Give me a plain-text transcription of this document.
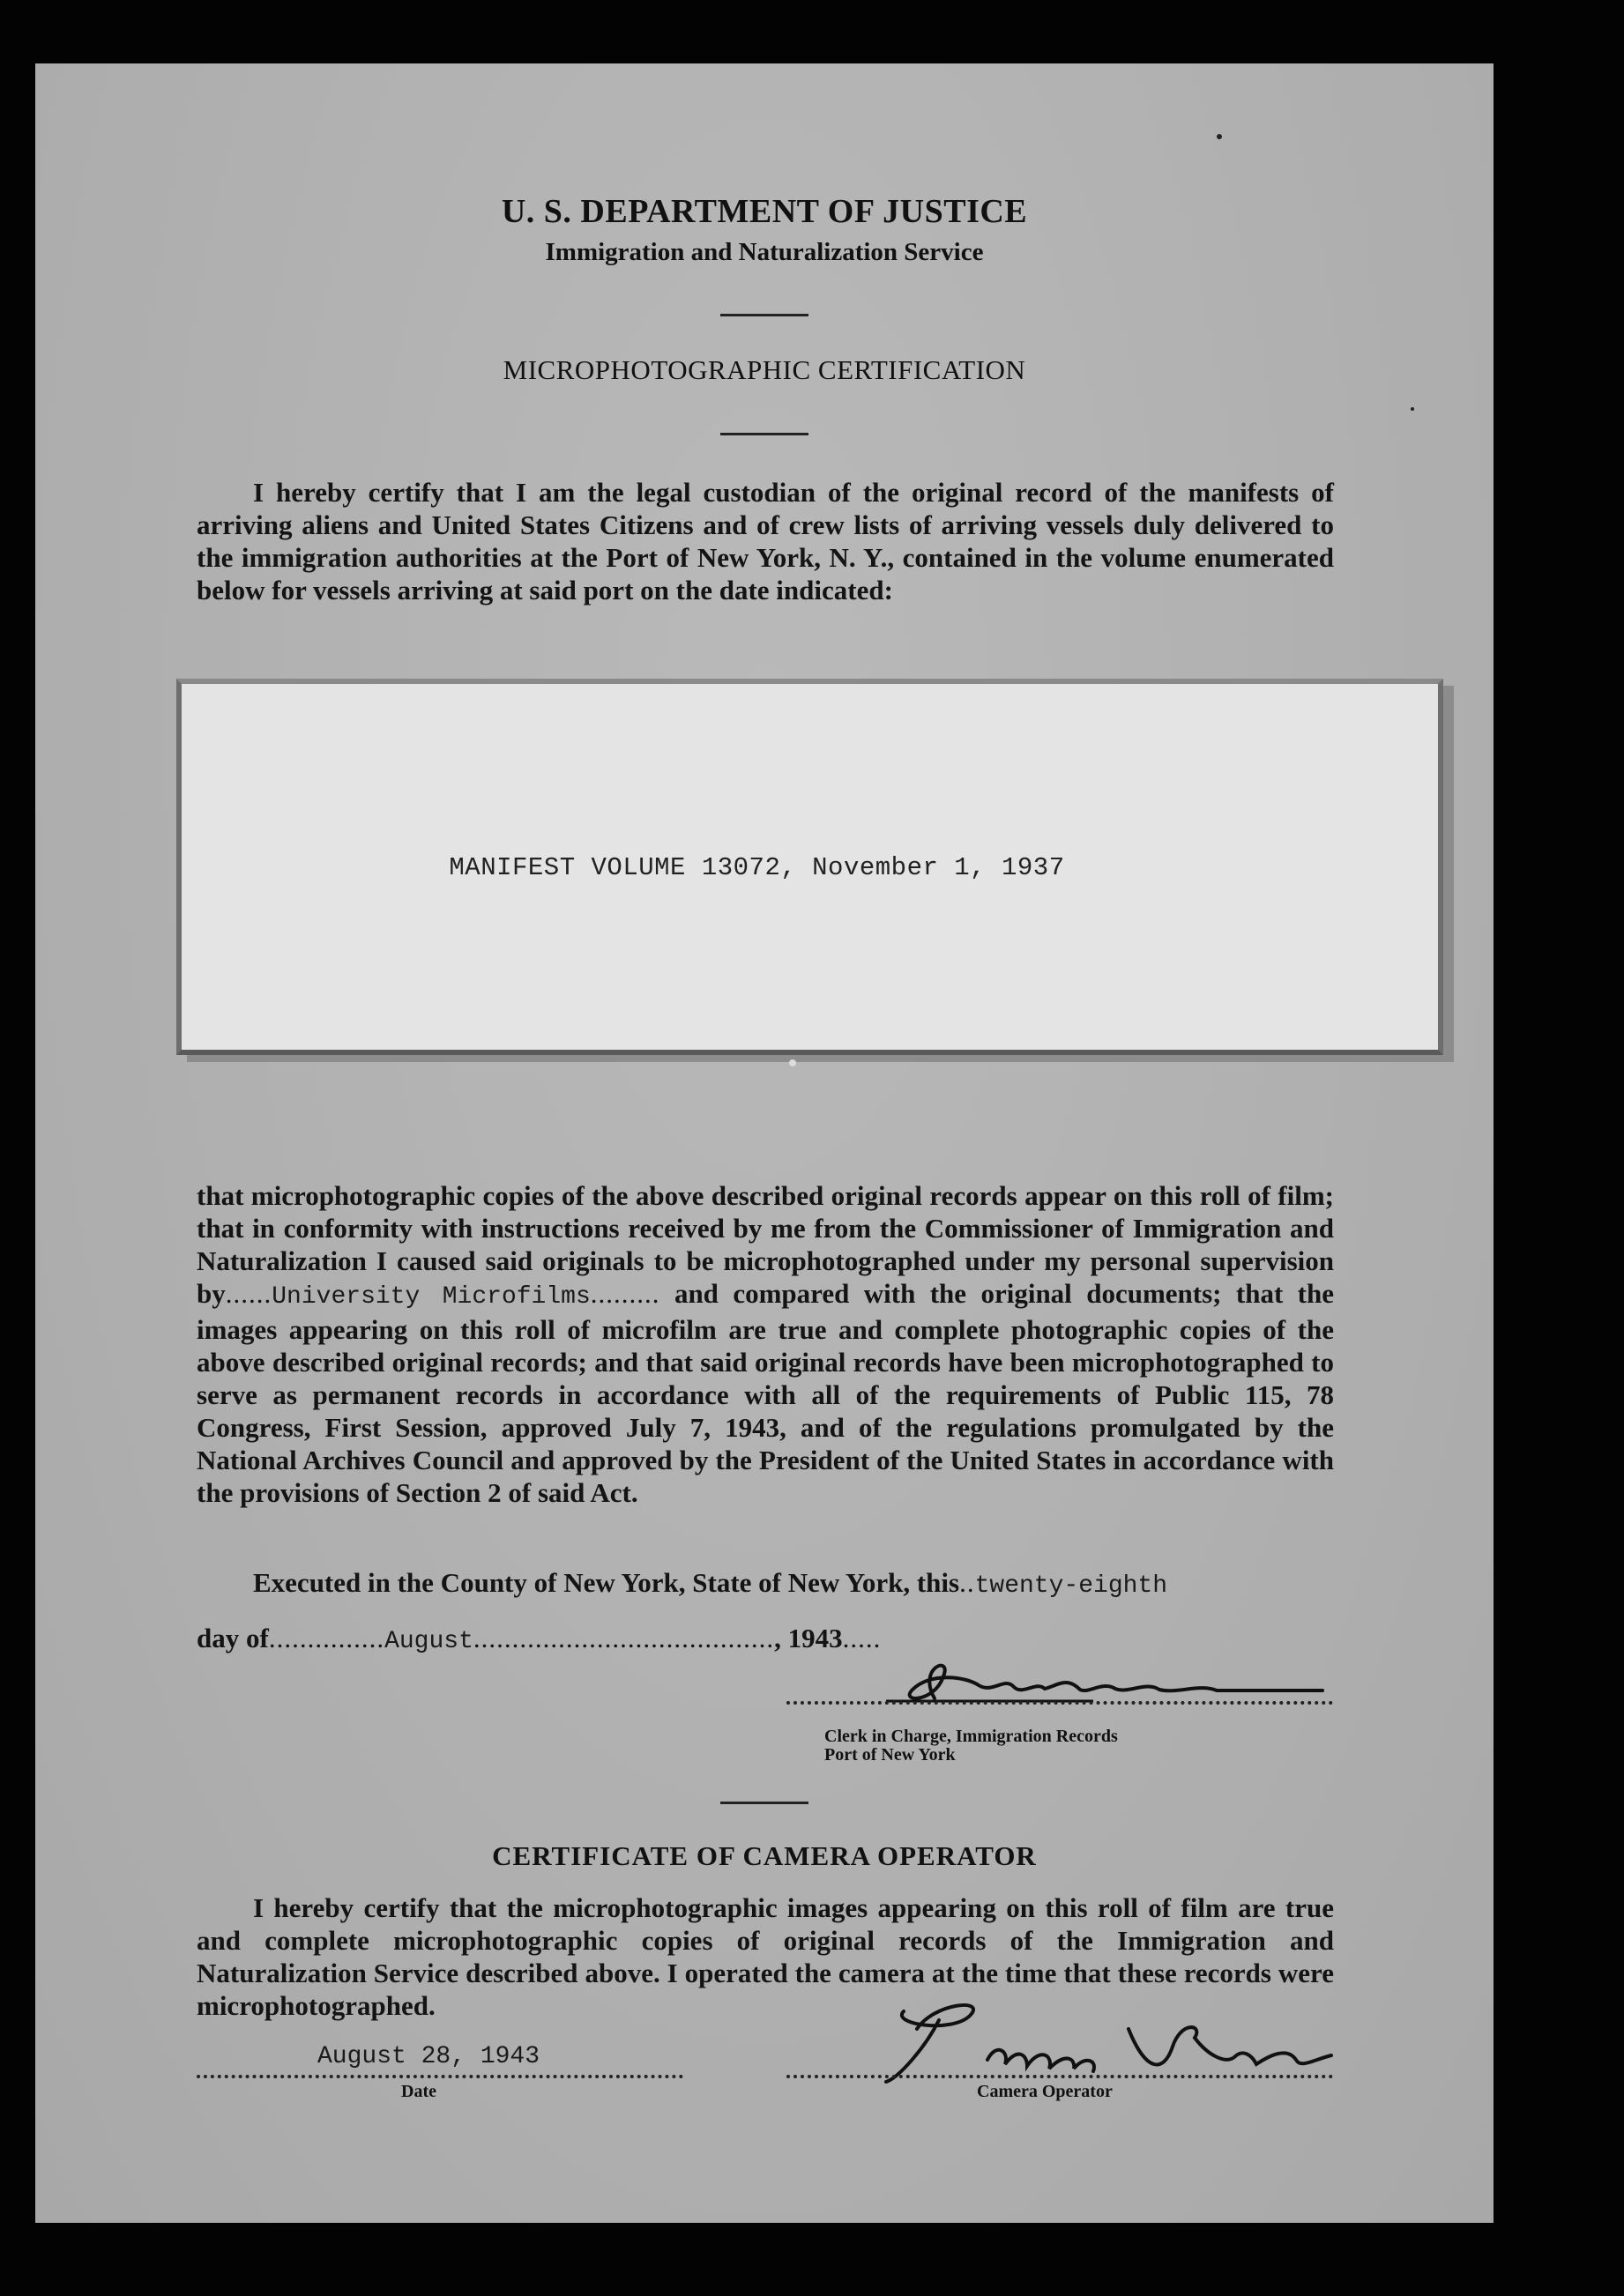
U. S. DEPARTMENT OF JUSTICE
Immigration and Naturalization Service
MICROPHOTOGRAPHIC CERTIFICATION
I hereby certify that I am the legal custodian of the original record of the manifests of arriving aliens and United States Citizens and of crew lists of arriving vessels duly delivered to the immigration authorities at the Port of New York, N. Y., contained in the volume enumerated below for vessels arriving at said port on the date indicated:
MANIFEST VOLUME 13072, November 1, 1937
that microphotographic copies of the above described original records appear on this roll of film; that in conformity with instructions received by me from the Commissioner of Immigration and Naturalization I caused said originals to be microphotographed under my personal supervision by......University Microfilms......... and compared with the original documents; that the images appearing on this roll of microfilm are true and complete photographic copies of the above described original records; and that said original records have been microphotographed to serve as permanent records in accordance with all of the requirements of Public 115, 78 Congress, First Session, approved July 7, 1943, and of the regulations promulgated by the National Archives Council and approved by the President of the United States in accordance with the provisions of Section 2 of said Act.
Executed in the County of New York, State of New York, this..twenty-eighth
day of...............August......................................., 1943.....
Clerk in Charge, Immigration Records
Port of New York
CERTIFICATE OF CAMERA OPERATOR
I hereby certify that the microphotographic images appearing on this roll of film are true and complete microphotographic copies of original records of the Immigration and Naturalization Service described above. I operated the camera at the time that these records were microphotographed.
August 28, 1943
Date	Camera Operator
